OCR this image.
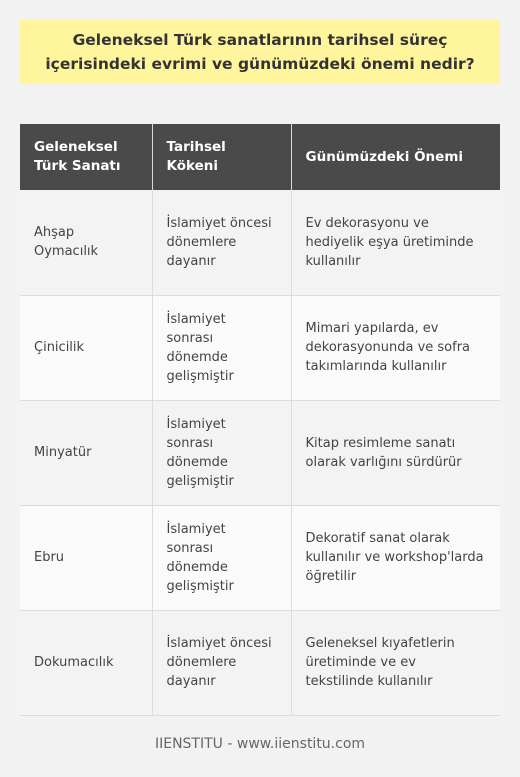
Geleneksel Türk sanatlarının tarihsel süreç içerisindeki evrimi ve günümüzdeki önemi nedir?
Geleneksel Türk Sanatı	Tarihsel Kökeni	Günümüzdeki Önemi
Ahşap Oymacılık	İslamiyet öncesi dönemlere dayanır	Ev dekorasyonu ve hediyelik eşya üretiminde kullanılır
Çinicilik	İslamiyet sonrası dönemde gelişmiştir	Mimari yapılarda, ev dekorasyonunda ve sofra takımlarında kullanılır
Minyatür	İslamiyet sonrası dönemde gelişmiştir	Kitap resimleme sanatı olarak varlığını sürdürür
Ebru	İslamiyet sonrası dönemde gelişmiştir	Dekoratif sanat olarak kullanılır ve workshop'larda öğretilir
Dokumacılık	İslamiyet öncesi dönemlere dayanır	Geleneksel kıyafetlerin üretiminde ve ev tekstilinde kullanılır
IIENSTITU - www.iienstitu.com
